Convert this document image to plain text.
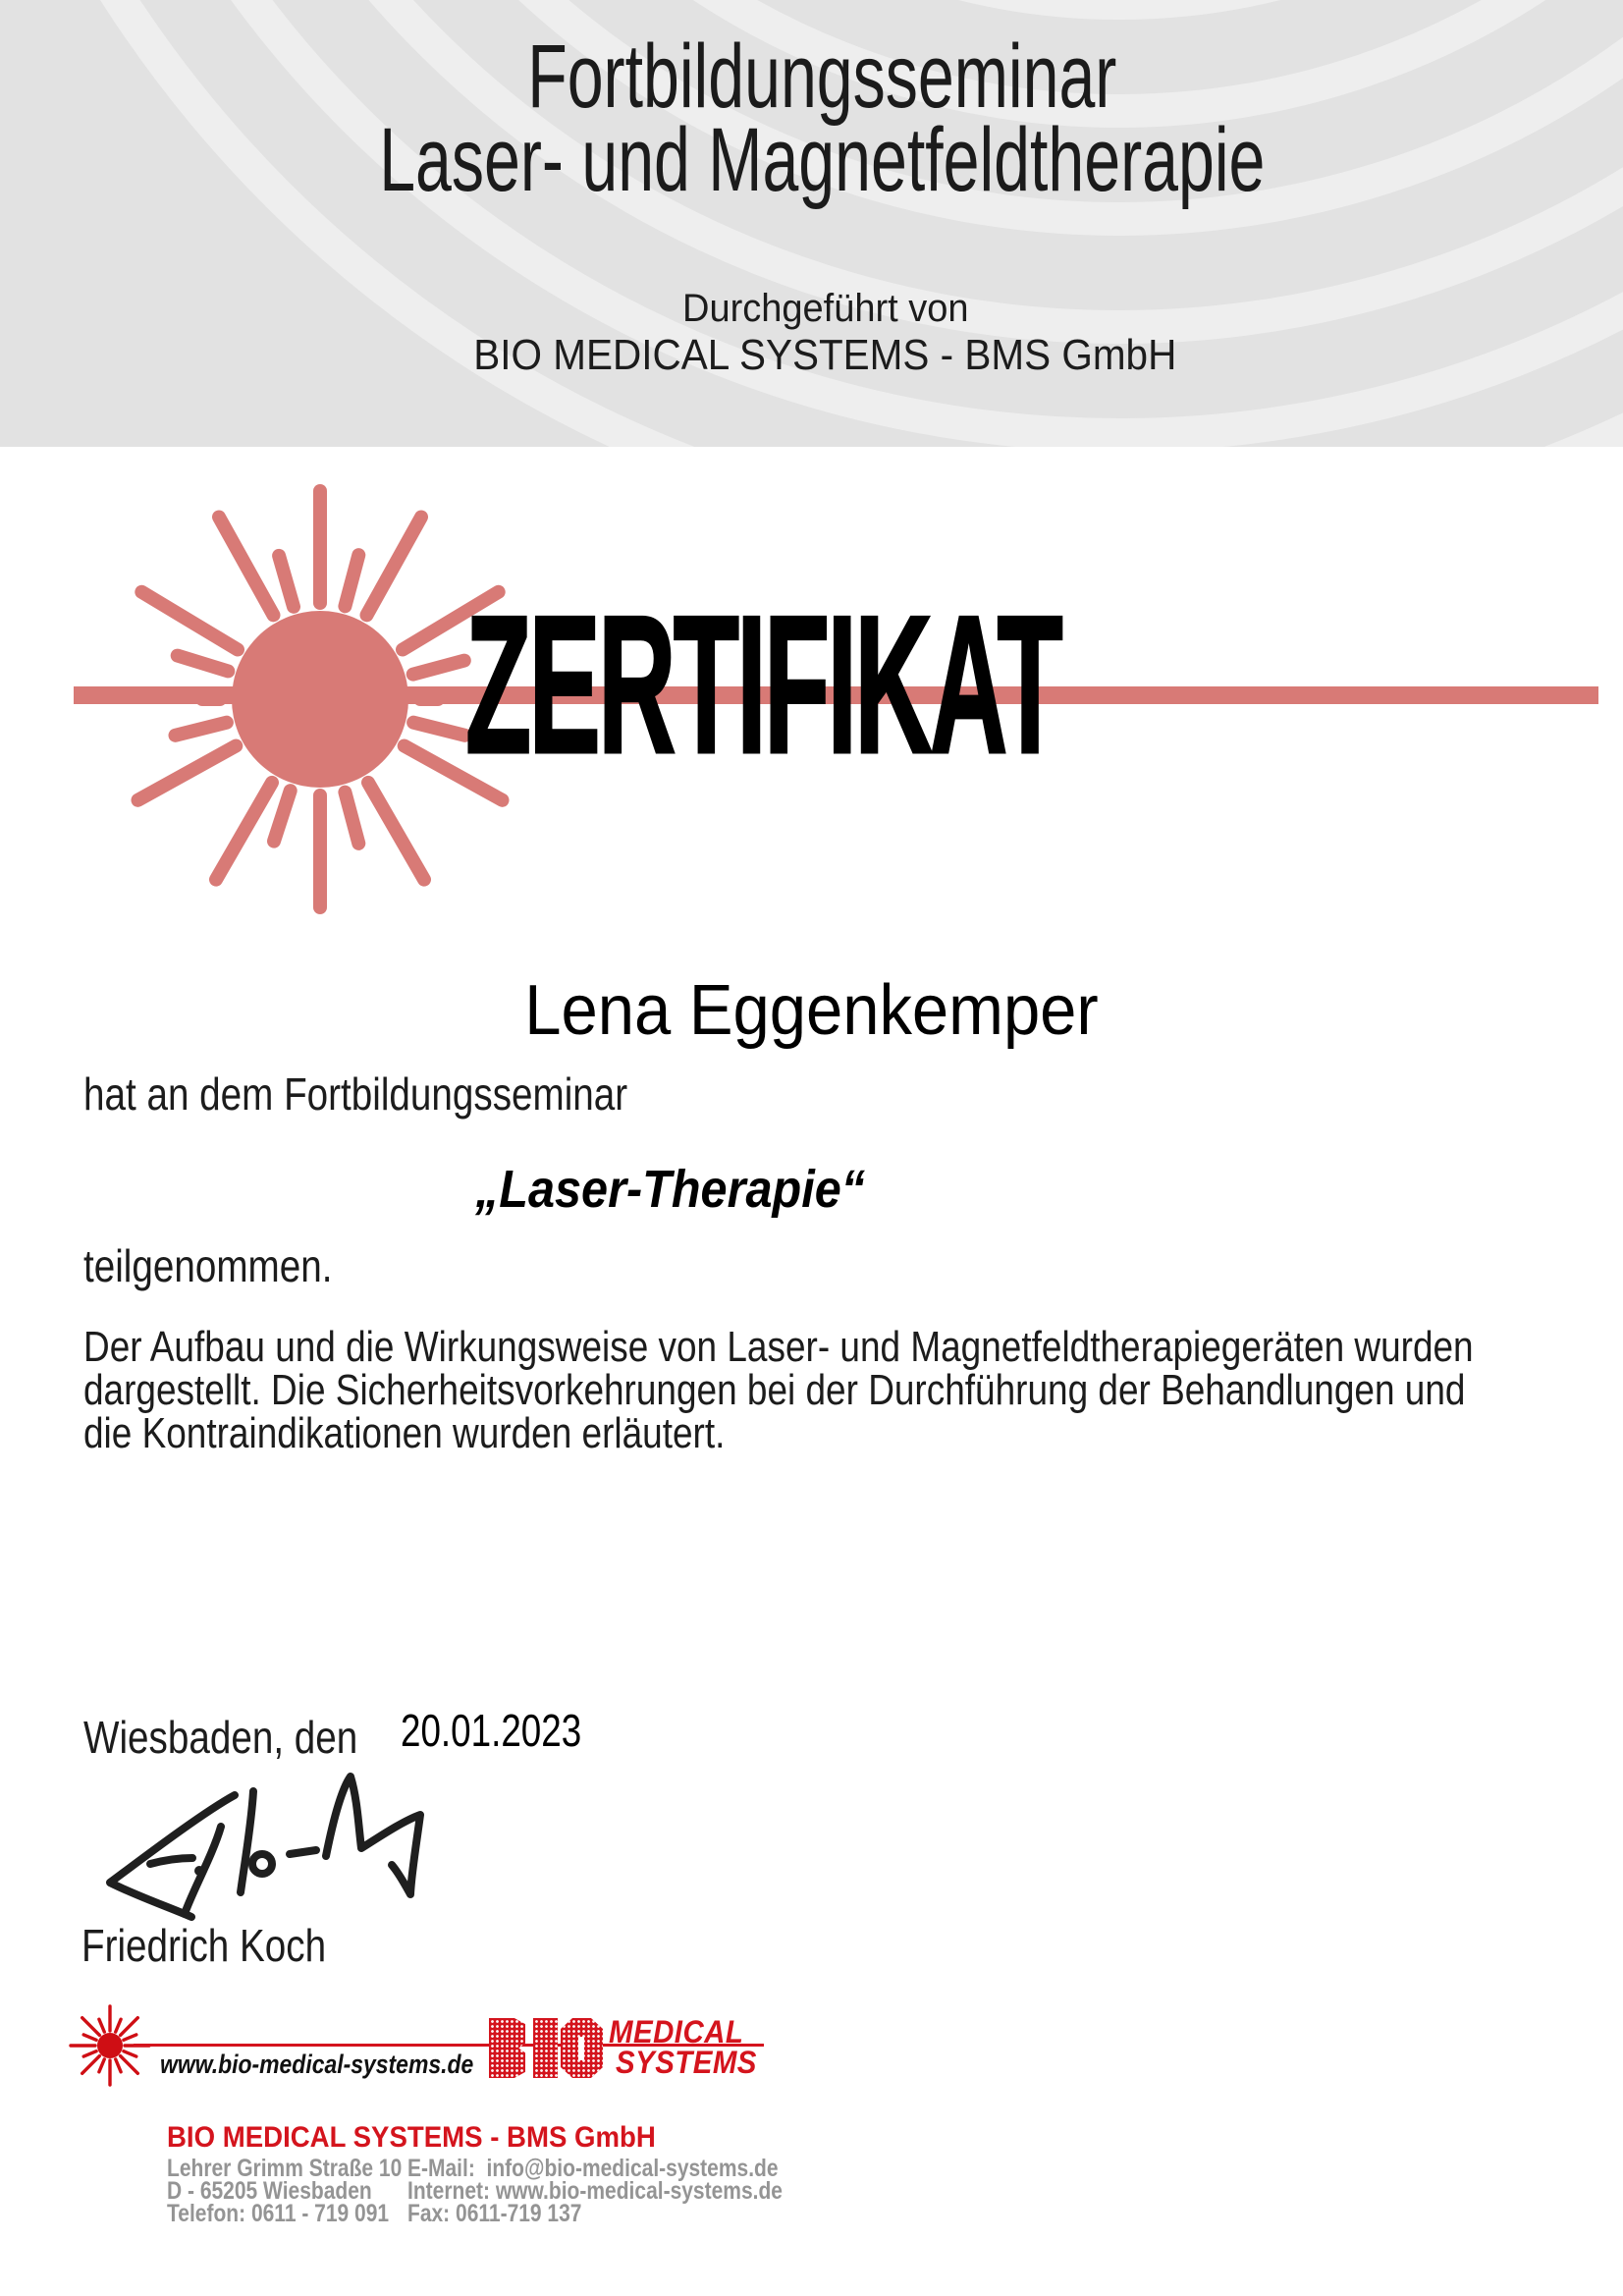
Fortbildungsseminar
Laser- und Magnetfeldtherapie
Durchgeführt von
BIO MEDICAL SYSTEMS - BMS GmbH
ZERTIFIKAT
Lena Eggenkemper
hat an dem Fortbildungsseminar
„Laser-Therapie“
teilgenommen.
Der Aufbau und die Wirkungsweise von Laser- und Magnetfeldtherapiegeräten wurden
dargestellt. Die Sicherheitsvorkehrungen bei der Durchführung der Behandlungen und
die Kontraindikationen wurden erläutert.
Wiesbaden, den 20.01.2023
Friedrich Koch
www.bio-medical-systems.de
MEDICAL
SYSTEMS
BIO MEDICAL SYSTEMS - BMS GmbH
Lehrer Grimm Straße 10
D - 65205 Wiesbaden
Telefon: 0611 - 719 091
E-Mail:  info@bio-medical-systems.de
Internet: www.bio-medical-systems.de
Fax: 0611-719 137
